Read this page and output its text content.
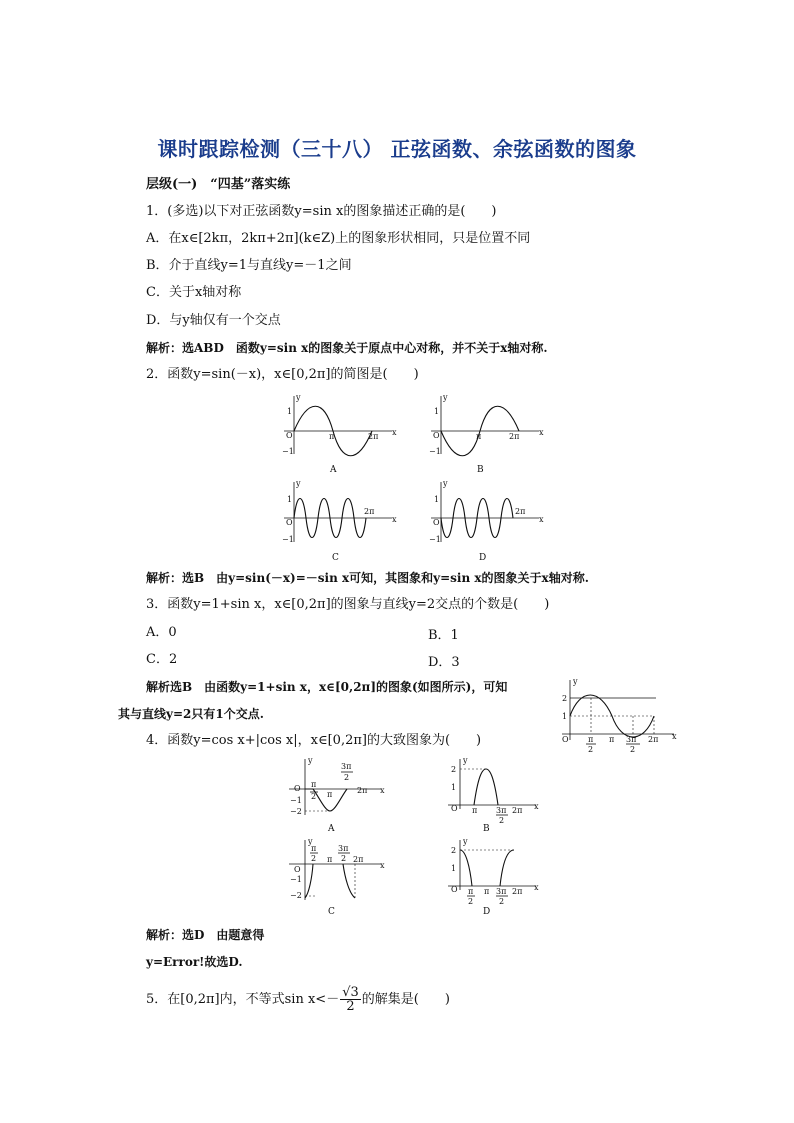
课时跟踪检测（三十八） 正弦函数、余弦函数的图象
层级(一)　“四基”落实练
1．(多选)以下对正弦函数y=sin x的图象描述正确的是(　　)
A．在x∈[2kπ，2kπ+2π](k∈Z)上的图象形状相同，只是位置不同
B．介于直线y=1与直线y=－1之间
C．关于x轴对称
D．与y轴仅有一个交点
解析：选ABD　函数y=sin x的图象关于原点中心对称，并不关于x轴对称.
2．函数y=sin(－x)，x∈[0,2π]的简图是(　　)
y
x
O
1
−1
π	2π
A
y
x
O
1
−1
π	2π
B
y
x
O
1
−1
2π
C
y
x
O
1
−1
2π
D
解析：选B　由y=sin(－x)=－sin x可知，其图象和y=sin x的图象关于x轴对称.
3．函数y=1+sin x，x∈[0,2π]的图象与直线y=2交点的个数是(　　)
A．0	B．1
C．2	D．3
解析选B　由函数y=1+sin x，x∈[0,2π]的图象(如图所示)，可知
其与直线y=2只有1个交点.
y
x
O
2
1
π
2
π 3π
2
2π
4．函数y=cos x+|cos x|，x∈[0,2π]的大致图象为(　　)
y
x
O
−1
−2
π
2 π
3π
2
2π
A
y
x
O
2
1
π 3π
2
2π
B
y
x
O
−1
−2
π
2 π
3π
2 2π
C
y
x
O
2
1
π
2
π 3π
2
2π
D
解析：选D　由题意得
y=Error!故选D.
5．在[0,2π]内，不等式$\sin x<- \frac{√3}{2}$ 的解集是(　　)
